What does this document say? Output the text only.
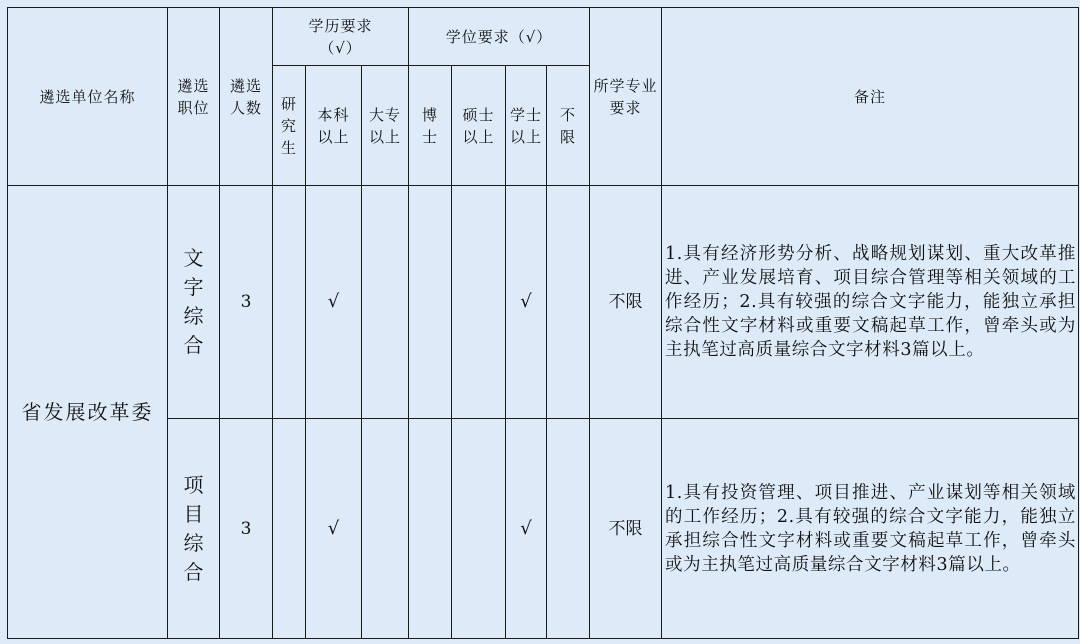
遴选单位名称	遴选职位	遴选人数	学历要求（√）			学位要求（√）				所学专业要求	备注
			研究生	本科以上	大专以上	博士	硕士以上	学士以上	不限		
省发展改革委	文字综合	3		√				√		不限	1.具有经济形势分析、战略规划谋划、重大改革推进、产业发展培育、项目综合管理等相关领域的工作经历；2.具有较强的综合文字能力，能独立承担综合性文字材料或重要文稿起草工作，曾牵头或为主执笔过高质量综合文字材料3篇以上。
	项目综合	3		√				√		不限	1.具有投资管理、项目推进、产业谋划等相关领域的工作经历；2.具有较强的综合文字能力，能独立承担综合性文字材料或重要文稿起草工作，曾牵头或为主执笔过高质量综合文字材料3篇以上。
